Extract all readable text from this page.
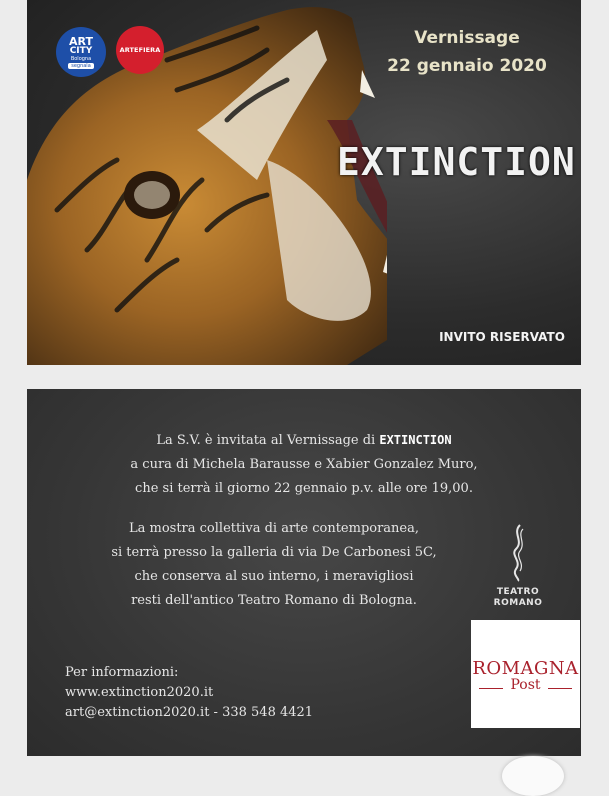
ART
CITY
Bologna
segnala
ARTEFIERA
Vernissage
22 gennaio 2020
EXTINCTION
INVITO RISERVATO
La S.V. è invitata al Vernissage di EXTINCTION
a cura di Michela Barausse e Xabier Gonzalez Muro,
che si terrà il giorno 22 gennaio p.v. alle ore 19,00.
La mostra collettiva di arte contemporanea,
si terrà presso la galleria di via De Carbonesi 5C,
che conserva al suo interno, i meravigliosi
resti dell'antico Teatro Romano di Bologna.
TEATRO
ROMANO
Per informazioni:
www.extinction2020.it
art@extinction2020.it - 338 548 4421
ROMAGNA
Post
